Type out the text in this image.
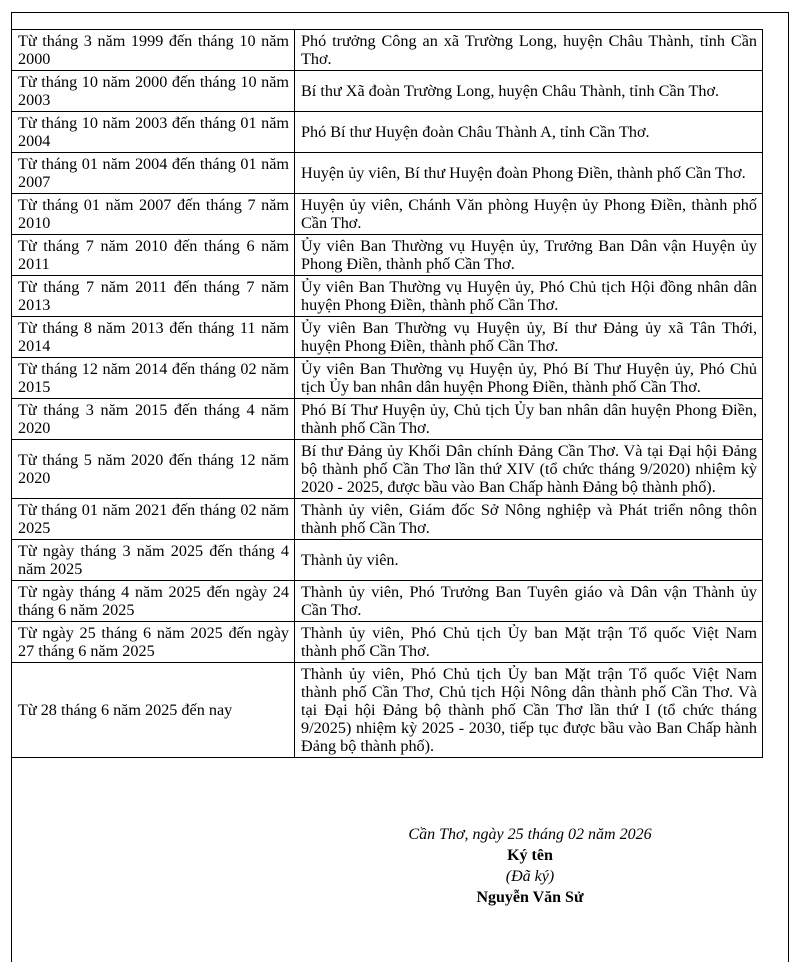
Từ tháng 3 năm 1999 đến tháng 10 năm 2000	Phó trưởng Công an xã Trường Long, huyện Châu Thành, tỉnh Cần Thơ.
Từ tháng 10 năm 2000 đến tháng 10 năm 2003	Bí thư Xã đoàn Trường Long, huyện Châu Thành, tỉnh Cần Thơ.
Từ tháng 10 năm 2003 đến tháng 01 năm 2004	Phó Bí thư Huyện đoàn Châu Thành A, tỉnh Cần Thơ.
Từ tháng 01 năm 2004 đến tháng 01 năm 2007	Huyện ủy viên, Bí thư Huyện đoàn Phong Điền, thành phố Cần Thơ.
Từ tháng 01 năm 2007 đến tháng 7 năm 2010	Huyện ủy viên, Chánh Văn phòng Huyện ủy Phong Điền, thành phố Cần Thơ.
Từ tháng 7 năm 2010 đến tháng 6 năm 2011	Ủy viên Ban Thường vụ Huyện ủy, Trưởng Ban Dân vận Huyện ủy Phong Điền, thành phố Cần Thơ.
Từ tháng 7 năm 2011 đến tháng 7 năm 2013	Ủy viên Ban Thường vụ Huyện ủy, Phó Chủ tịch Hội đồng nhân dân huyện Phong Điền, thành phố Cần Thơ.
Từ tháng 8 năm 2013 đến tháng 11 năm 2014	Ủy viên Ban Thường vụ Huyện ủy, Bí thư Đảng ủy xã Tân Thới, huyện Phong Điền, thành phố Cần Thơ.
Từ tháng 12 năm 2014 đến tháng 02 năm 2015	Ủy viên Ban Thường vụ Huyện ủy, Phó Bí Thư Huyện ủy, Phó Chủ tịch Ủy ban nhân dân huyện Phong Điền, thành phố Cần Thơ.
Từ tháng 3 năm 2015 đến tháng 4 năm 2020	Phó Bí Thư Huyện ủy, Chủ tịch Ủy ban nhân dân huyện Phong Điền, thành phố Cần Thơ.
Từ tháng 5 năm 2020 đến tháng 12 năm 2020	Bí thư Đảng ủy Khối Dân chính Đảng Cần Thơ. Và tại Đại hội Đảng bộ thành phố Cần Thơ lần thứ XIV (tổ chức tháng 9/2020) nhiệm kỳ 2020 - 2025, được bầu vào Ban Chấp hành Đảng bộ thành phố).
Từ tháng 01 năm 2021 đến tháng 02 năm 2025	Thành ủy viên, Giám đốc Sở Nông nghiệp và Phát triển nông thôn thành phố Cần Thơ.
Từ ngày tháng 3 năm 2025 đến tháng 4 năm 2025	Thành ủy viên.
Từ ngày tháng 4 năm 2025 đến ngày 24 tháng 6 năm 2025	Thành ủy viên, Phó Trưởng Ban Tuyên giáo và Dân vận Thành ủy Cần Thơ.
Từ ngày 25 tháng 6 năm 2025 đến ngày 27 tháng 6 năm 2025	Thành ủy viên, Phó Chủ tịch Ủy ban Mặt trận Tổ quốc Việt Nam thành phố Cần Thơ.
Từ 28 tháng 6 năm 2025 đến nay	Thành ủy viên, Phó Chủ tịch Ủy ban Mặt trận Tổ quốc Việt Nam thành phố Cần Thơ, Chủ tịch Hội Nông dân thành phố Cần Thơ. Và tại Đại hội Đảng bộ thành phố Cần Thơ lần thứ I (tổ chức tháng 9/2025) nhiệm kỳ 2025 - 2030, tiếp tục được bầu vào Ban Chấp hành Đảng bộ thành phố).
Cần Thơ, ngày 25 tháng 02 năm 2026
Ký tên
(Đã ký)
Nguyễn Văn Sử
